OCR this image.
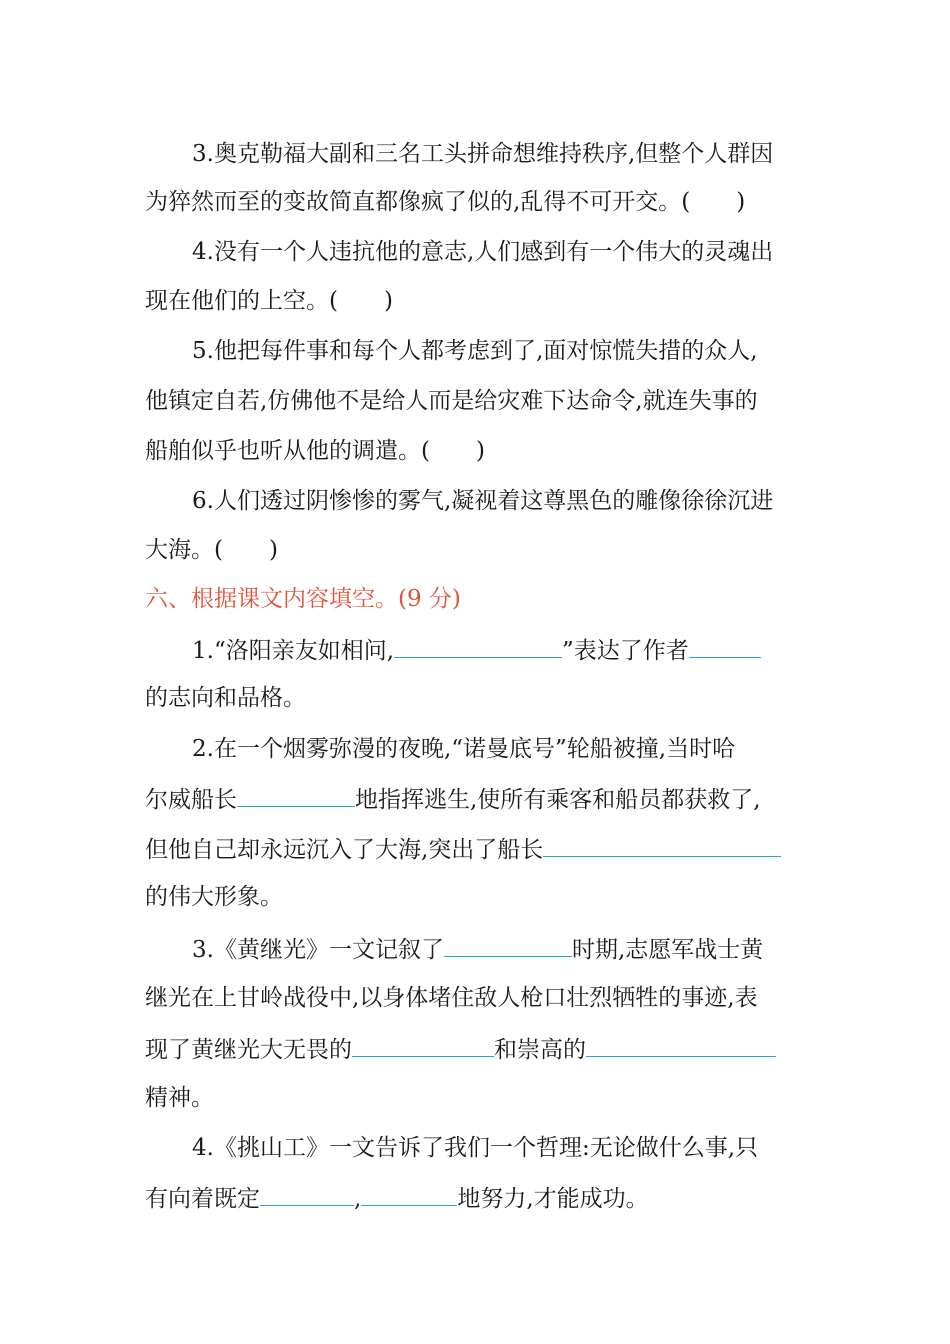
3.奥克勒福大副和三名工头拼命想维持秩序,但整个人群因
为猝然而至的变故简直都像疯了似的,乱得不可开交。(　　)
4.没有一个人违抗他的意志,人们感到有一个伟大的灵魂出
现在他们的上空。(　　)
5.他把每件事和每个人都考虑到了,面对惊慌失措的众人,
他镇定自若,仿佛他不是给人而是给灾难下达命令,就连失事的
船舶似乎也听从他的调遣。(　　)
6.人们透过阴惨惨的雾气,凝视着这尊黑色的雕像徐徐沉进
大海。(　　)
六、根据课文内容填空。(9 分)
1.“洛阳亲友如相问,	”表达了作者
的志向和品格。
2.在一个烟雾弥漫的夜晚,“诺曼底号”轮船被撞,当时哈
尔威船长	地指挥逃生,使所有乘客和船员都获救了,
但他自己却永远沉入了大海,突出了船长
的伟大形象。
3.《黄继光》一文记叙了	时期,志愿军战士黄
继光在上甘岭战役中,以身体堵住敌人枪口壮烈牺牲的事迹,表
现了黄继光大无畏的	和崇高的
精神。
4.《挑山工》一文告诉了我们一个哲理:无论做什么事,只
有向着既定	,	地努力,才能成功。
